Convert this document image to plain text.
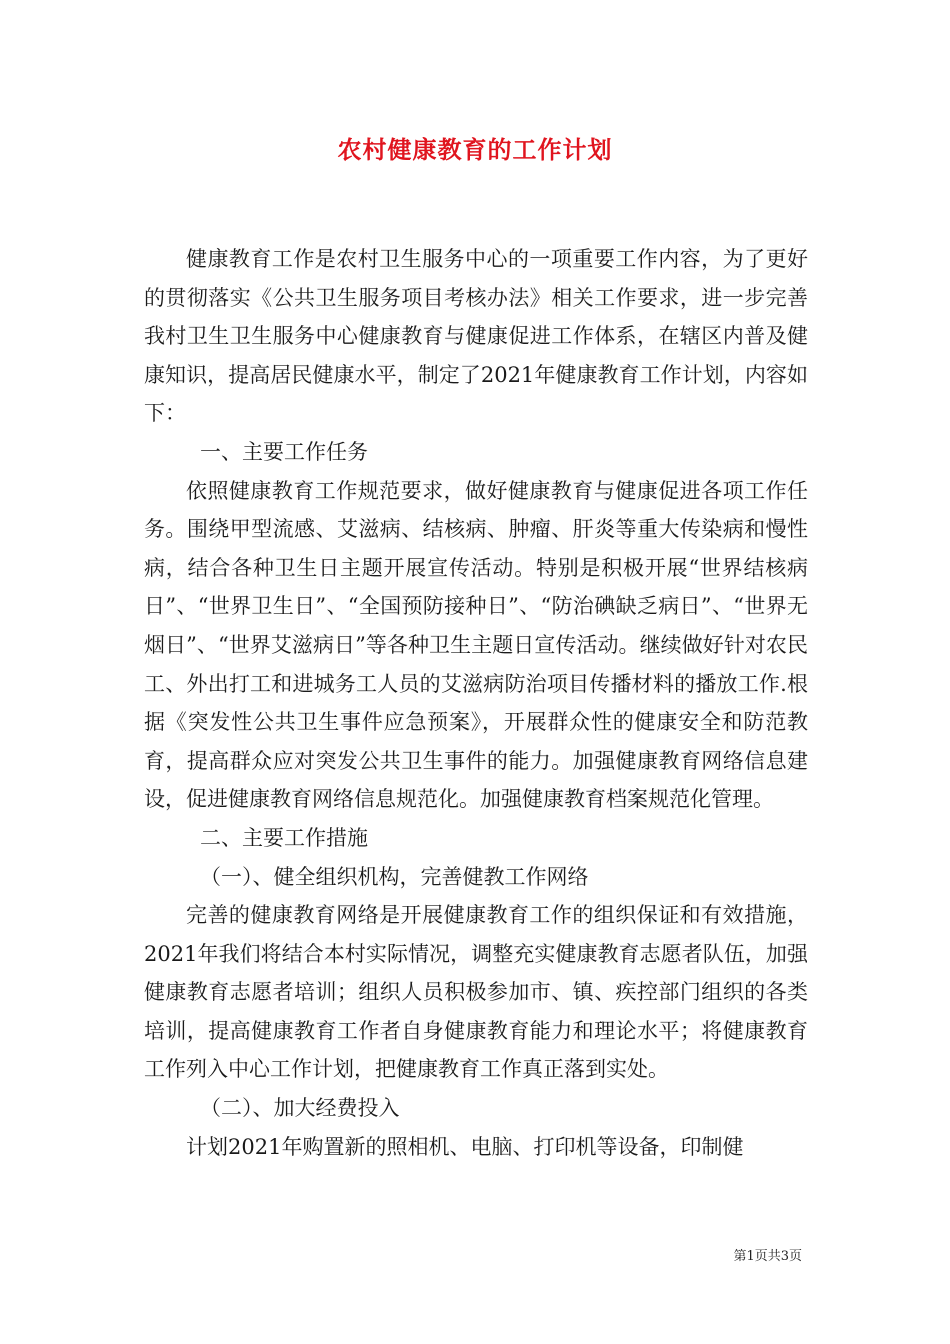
农村健康教育的工作计划

健康教育工作是农村卫生服务中心的一项重要工作内容，为了更好的贯彻落实《公共卫生服务项目考核办法》相关工作要求，进一步完善我村卫生卫生服务中心健康教育与健康促进工作体系，在辖区内普及健康知识，提高居民健康水平，制定了2021年健康教育工作计划，内容如下：

一、主要工作任务

依照健康教育工作规范要求，做好健康教育与健康促进各项工作任务。围绕甲型流感、艾滋病、结核病、肿瘤、肝炎等重大传染病和慢性病，结合各种卫生日主题开展宣传活动。特别是积极开展“世界结核病日”、“世界卫生日”、“全国预防接种日”、“防治碘缺乏病日”、“世界无烟日”、“世界艾滋病日”等各种卫生主题日宣传活动。继续做好针对农民工、外出打工和进城务工人员的艾滋病防治项目传播材料的播放工作.根据《突发性公共卫生事件应急预案》，开展群众性的健康安全和防范教育，提高群众应对突发公共卫生事件的能力。加强健康教育网络信息建设，促进健康教育网络信息规范化。加强健康教育档案规范化管理。

二、主要工作措施

（一）、健全组织机构，完善健教工作网络

完善的健康教育网络是开展健康教育工作的组织保证和有效措施，2021年我们将结合本村实际情况，调整充实健康教育志愿者队伍，加强健康教育志愿者培训；组织人员积极参加市、镇、疾控部门组织的各类培训，提高健康教育工作者自身健康教育能力和理论水平；将健康教育工作列入中心工作计划，把健康教育工作真正落到实处。

（二）、加大经费投入

计划2021年购置新的照相机、电脑、打印机等设备，印制健

第1页共3页
